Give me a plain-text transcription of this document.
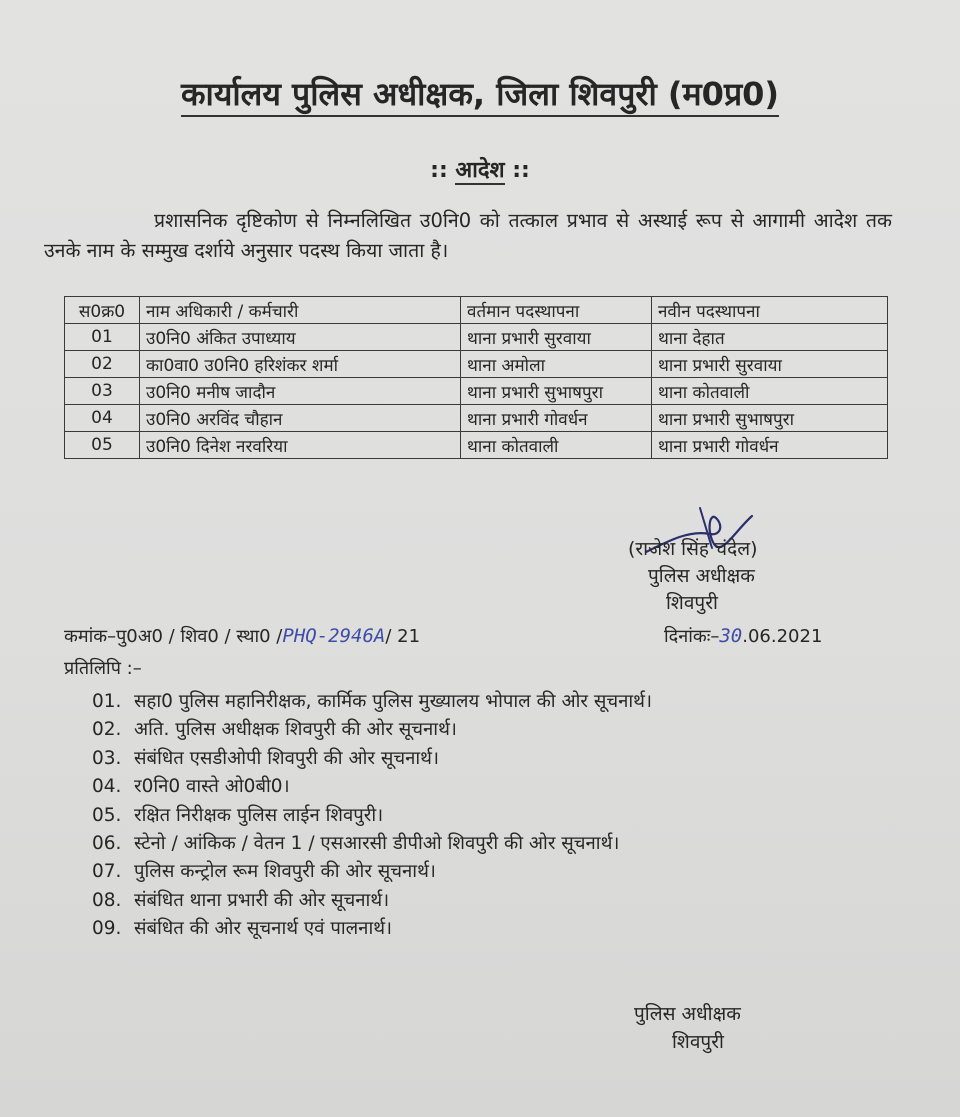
कार्यालय पुलिस अधीक्षक, जिला शिवपुरी (म0प्र0)
:: आदेश ::
प्रशासनिक दृष्टिकोण से निम्नलिखित उ0नि0 को तत्काल प्रभाव से अस्थाई रूप से आगामी आदेश तक उनके नाम के सम्मुख दर्शाये अनुसार पदस्थ किया जाता है।
स0क्र0	नाम अधिकारी / कर्मचारी	वर्तमान पदस्थापना	नवीन पदस्थापना
01	उ0नि0 अंकित उपाध्याय	थाना प्रभारी सुरवाया	थाना देहात
02	का0वा0 उ0नि0 हरिशंकर शर्मा	थाना अमोला	थाना प्रभारी सुरवाया
03	उ0नि0 मनीष जादौन	थाना प्रभारी सुभाषपुरा	थाना कोतवाली
04	उ0नि0 अरविंद चौहान	थाना प्रभारी गोवर्धन	थाना प्रभारी सुभाषपुरा
05	उ0नि0 दिनेश नरवरिया	थाना कोतवाली	थाना प्रभारी गोवर्धन
(राजेश सिंह चंदेल)
पुलिस अधीक्षक
शिवपुरी
कमांक–पु0अ0 / शिव0 / स्था0 /PHQ-2946A/ 21	दिनांकः–30.06.2021
प्रतिलिपि :–
01. सहा0 पुलिस महानिरीक्षक, कार्मिक पुलिस मुख्यालय भोपाल की ओर सूचनार्थ।
02. अति. पुलिस अधीक्षक शिवपुरी की ओर सूचनार्थ।
03. संबंधित एसडीओपी शिवपुरी की ओर सूचनार्थ।
04. र0नि0 वास्ते ओ0बी0।
05. रक्षित निरीक्षक पुलिस लाईन शिवपुरी।
06. स्टेनो / आंकिक / वेतन 1 / एसआरसी डीपीओ शिवपुरी की ओर सूचनार्थ।
07. पुलिस कन्ट्रोल रूम शिवपुरी की ओर सूचनार्थ।
08. संबंधित थाना प्रभारी की ओर सूचनार्थ।
09. संबंधित की ओर सूचनार्थ एवं पालनार्थ।
पुलिस अधीक्षक
शिवपुरी
